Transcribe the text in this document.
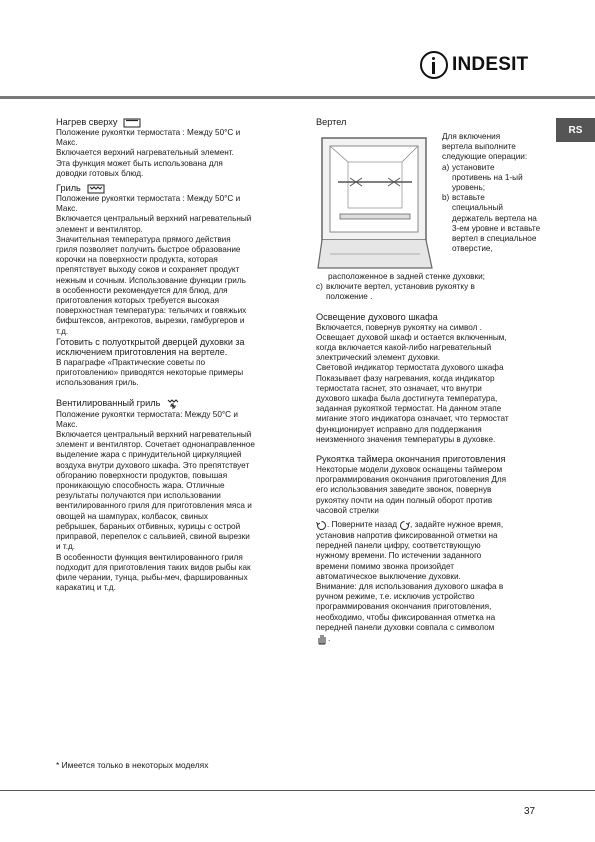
INDESIT
RS
Нагрев сверху

Положение рукоятки термостата : Между 50°C и
Макс.
Включается верхний нагревательный элемент.
Эта функция может быть использована для
доводки готовых блюд.

Гриль

Положение рукоятки термостата : Между 50°C и
Макс.
Включается центральный верхний нагревательный
элемент и вентилятор.
Значительная температура прямого действия
гриля позволяет получить быстрое образование
корочки на поверхности продукта, которая
препятствует выходу соков и сохраняет продукт
нежным и сочным. Использование функции гриль
в особенности рекомендуется для блюд, для
приготовления которых требуется высокая
поверхностная температура: тельячих и говяжьих
бифштексов, антрекотов, вырезки, гамбургеров и
т.д.

Готовить с полуоткрытой дверцей духовки за
исключением приготовления на вертеле.

В параграфе «Практические советы по
приготовлению» приводятся некоторые примеры
использования гриль.

Вентилированный гриль

Положение рукоятки термостата: Между 50°C и
Макс.
Включается центральный верхний нагревательный
элемент и вентилятор. Сочетает однонаправленное
выделение жара с принудительной циркуляцией
воздуха внутри духового шкафа. Это препятствует
обгоранию поверхности продуктов, повышая
проникающую способность жара. Отличные
результаты получаются при использовании
вентилированного гриля для приготовления мяса и
овощей на шампурах, колбасок, свиных
ребрышек, бараньих отбивных, курицы с острой
приправой, перепелок с сальвией, свиной вырезки
и т.д.
В особенности функция вентилированного гриля
подходит для приготовления таких видов рыбы как
филе черании, тунца, рыбы-меч, фаршированных
каракатиц и т.д.

Вертел

Для включения
вертела выполните
следующие операции:

a) установите
противень на 1-ый
уровень;
b) вставьте
специальный
держатель вертела на
3-ем уровне и вставьте
вертел в специальное
отверстие,

расположенное в задней стенке духовки;

c) включите вертел, установив рукоятку в
положение .

Освещение духового шкафа

Включается, повернув рукоятку на символ .
Освещает духовой шкаф и остается включенным,
когда включается какой-либо нагревательный
электрический элемент духовки.
Световой индикатор термостата духового шкафа
Показывает фазу нагревания, когда индикатор
термостата гаснет, это означает, что внутри
духового шкафа была достигнута температура,
заданная рукояткой термостат. На данном этапе
мигание этого индикатора означает, что термостат
функционирует исправно для поддержания
неизменного значения температуры в духовке.

Рукоятка таймера окончания приготовления

Некоторые модели духовок оснащены таймером
программирования окончания приготовления Для
его использования заведите звонок, повернув
рукоятку почти на один полный оборот против
часовой стрелки

. Поверните назад , задайте нужное время,

установив напротив фиксированной отметки на
передней панели цифру, соответствующую
нужному времени. По истечении заданного
времени помимо звонка произойдет
автоматическое выключение духовки.

Внимание: для использования духового шкафа в
ручном режиме, т.е. исключив устройство
программирования окончания приготовления,
необходимо, чтобы фиксированная отметка на
передней панели духовки совпала с символом

.
* Имеется только в некоторых моделях
37
